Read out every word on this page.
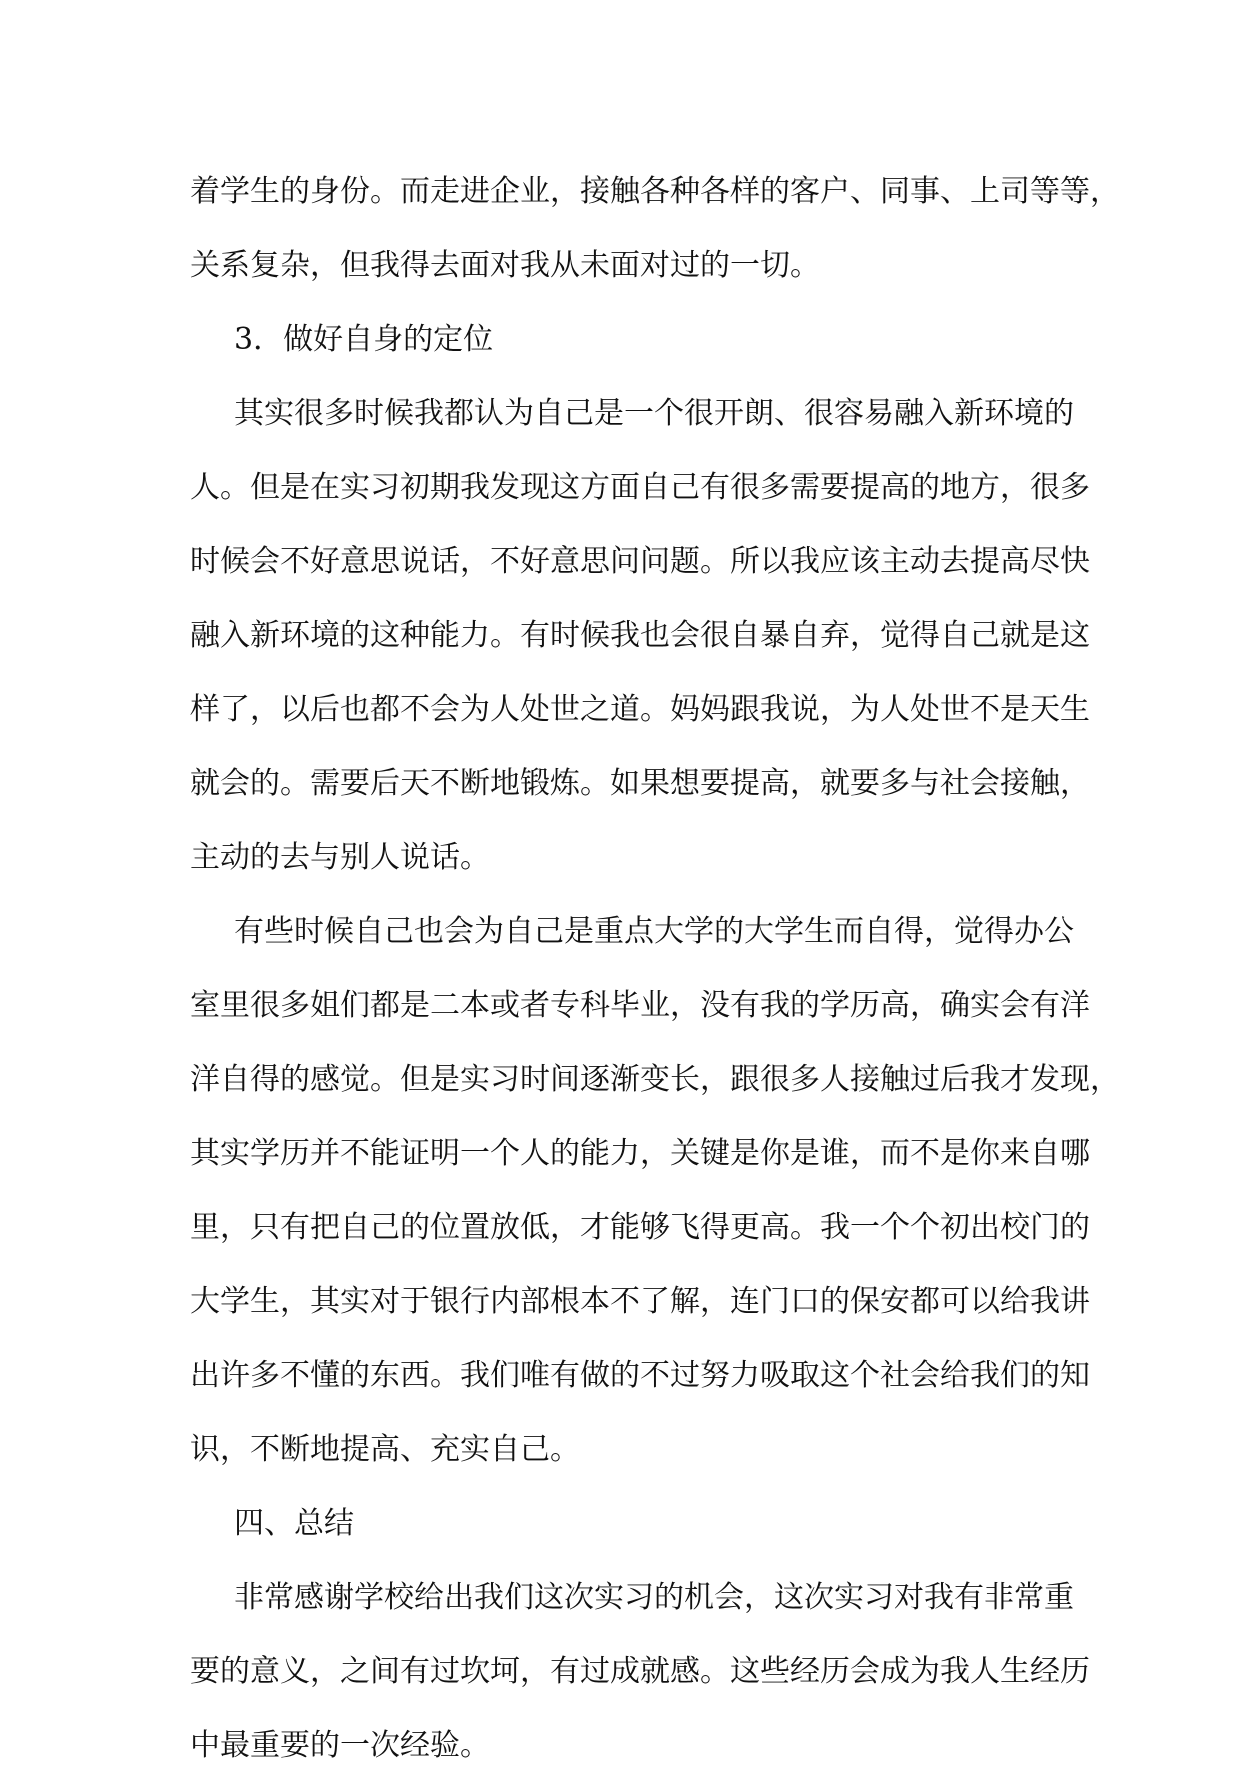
着学生的身份。而走进企业，接触各种各样的客户、同事、上司等等，
关系复杂，但我得去面对我从未面对过的一切。
3．做好自身的定位
其实很多时候我都认为自己是一个很开朗、很容易融入新环境的
人。但是在实习初期我发现这方面自己有很多需要提高的地方，很多
时候会不好意思说话，不好意思问问题。所以我应该主动去提高尽快
融入新环境的这种能力。有时候我也会很自暴自弃，觉得自己就是这
样了，以后也都不会为人处世之道。妈妈跟我说，为人处世不是天生
就会的。需要后天不断地锻炼。如果想要提高，就要多与社会接触，
主动的去与别人说话。
有些时候自己也会为自己是重点大学的大学生而自得，觉得办公
室里很多姐们都是二本或者专科毕业，没有我的学历高，确实会有洋
洋自得的感觉。但是实习时间逐渐变长，跟很多人接触过后我才发现，
其实学历并不能证明一个人的能力，关键是你是谁，而不是你来自哪
里，只有把自己的位置放低，才能够飞得更高。我一个个初出校门的
大学生，其实对于银行内部根本不了解，连门口的保安都可以给我讲
出许多不懂的东西。我们唯有做的不过努力吸取这个社会给我们的知
识，不断地提高、充实自己。
四、总结
非常感谢学校给出我们这次实习的机会，这次实习对我有非常重
要的意义，之间有过坎坷，有过成就感。这些经历会成为我人生经历
中最重要的一次经验。
